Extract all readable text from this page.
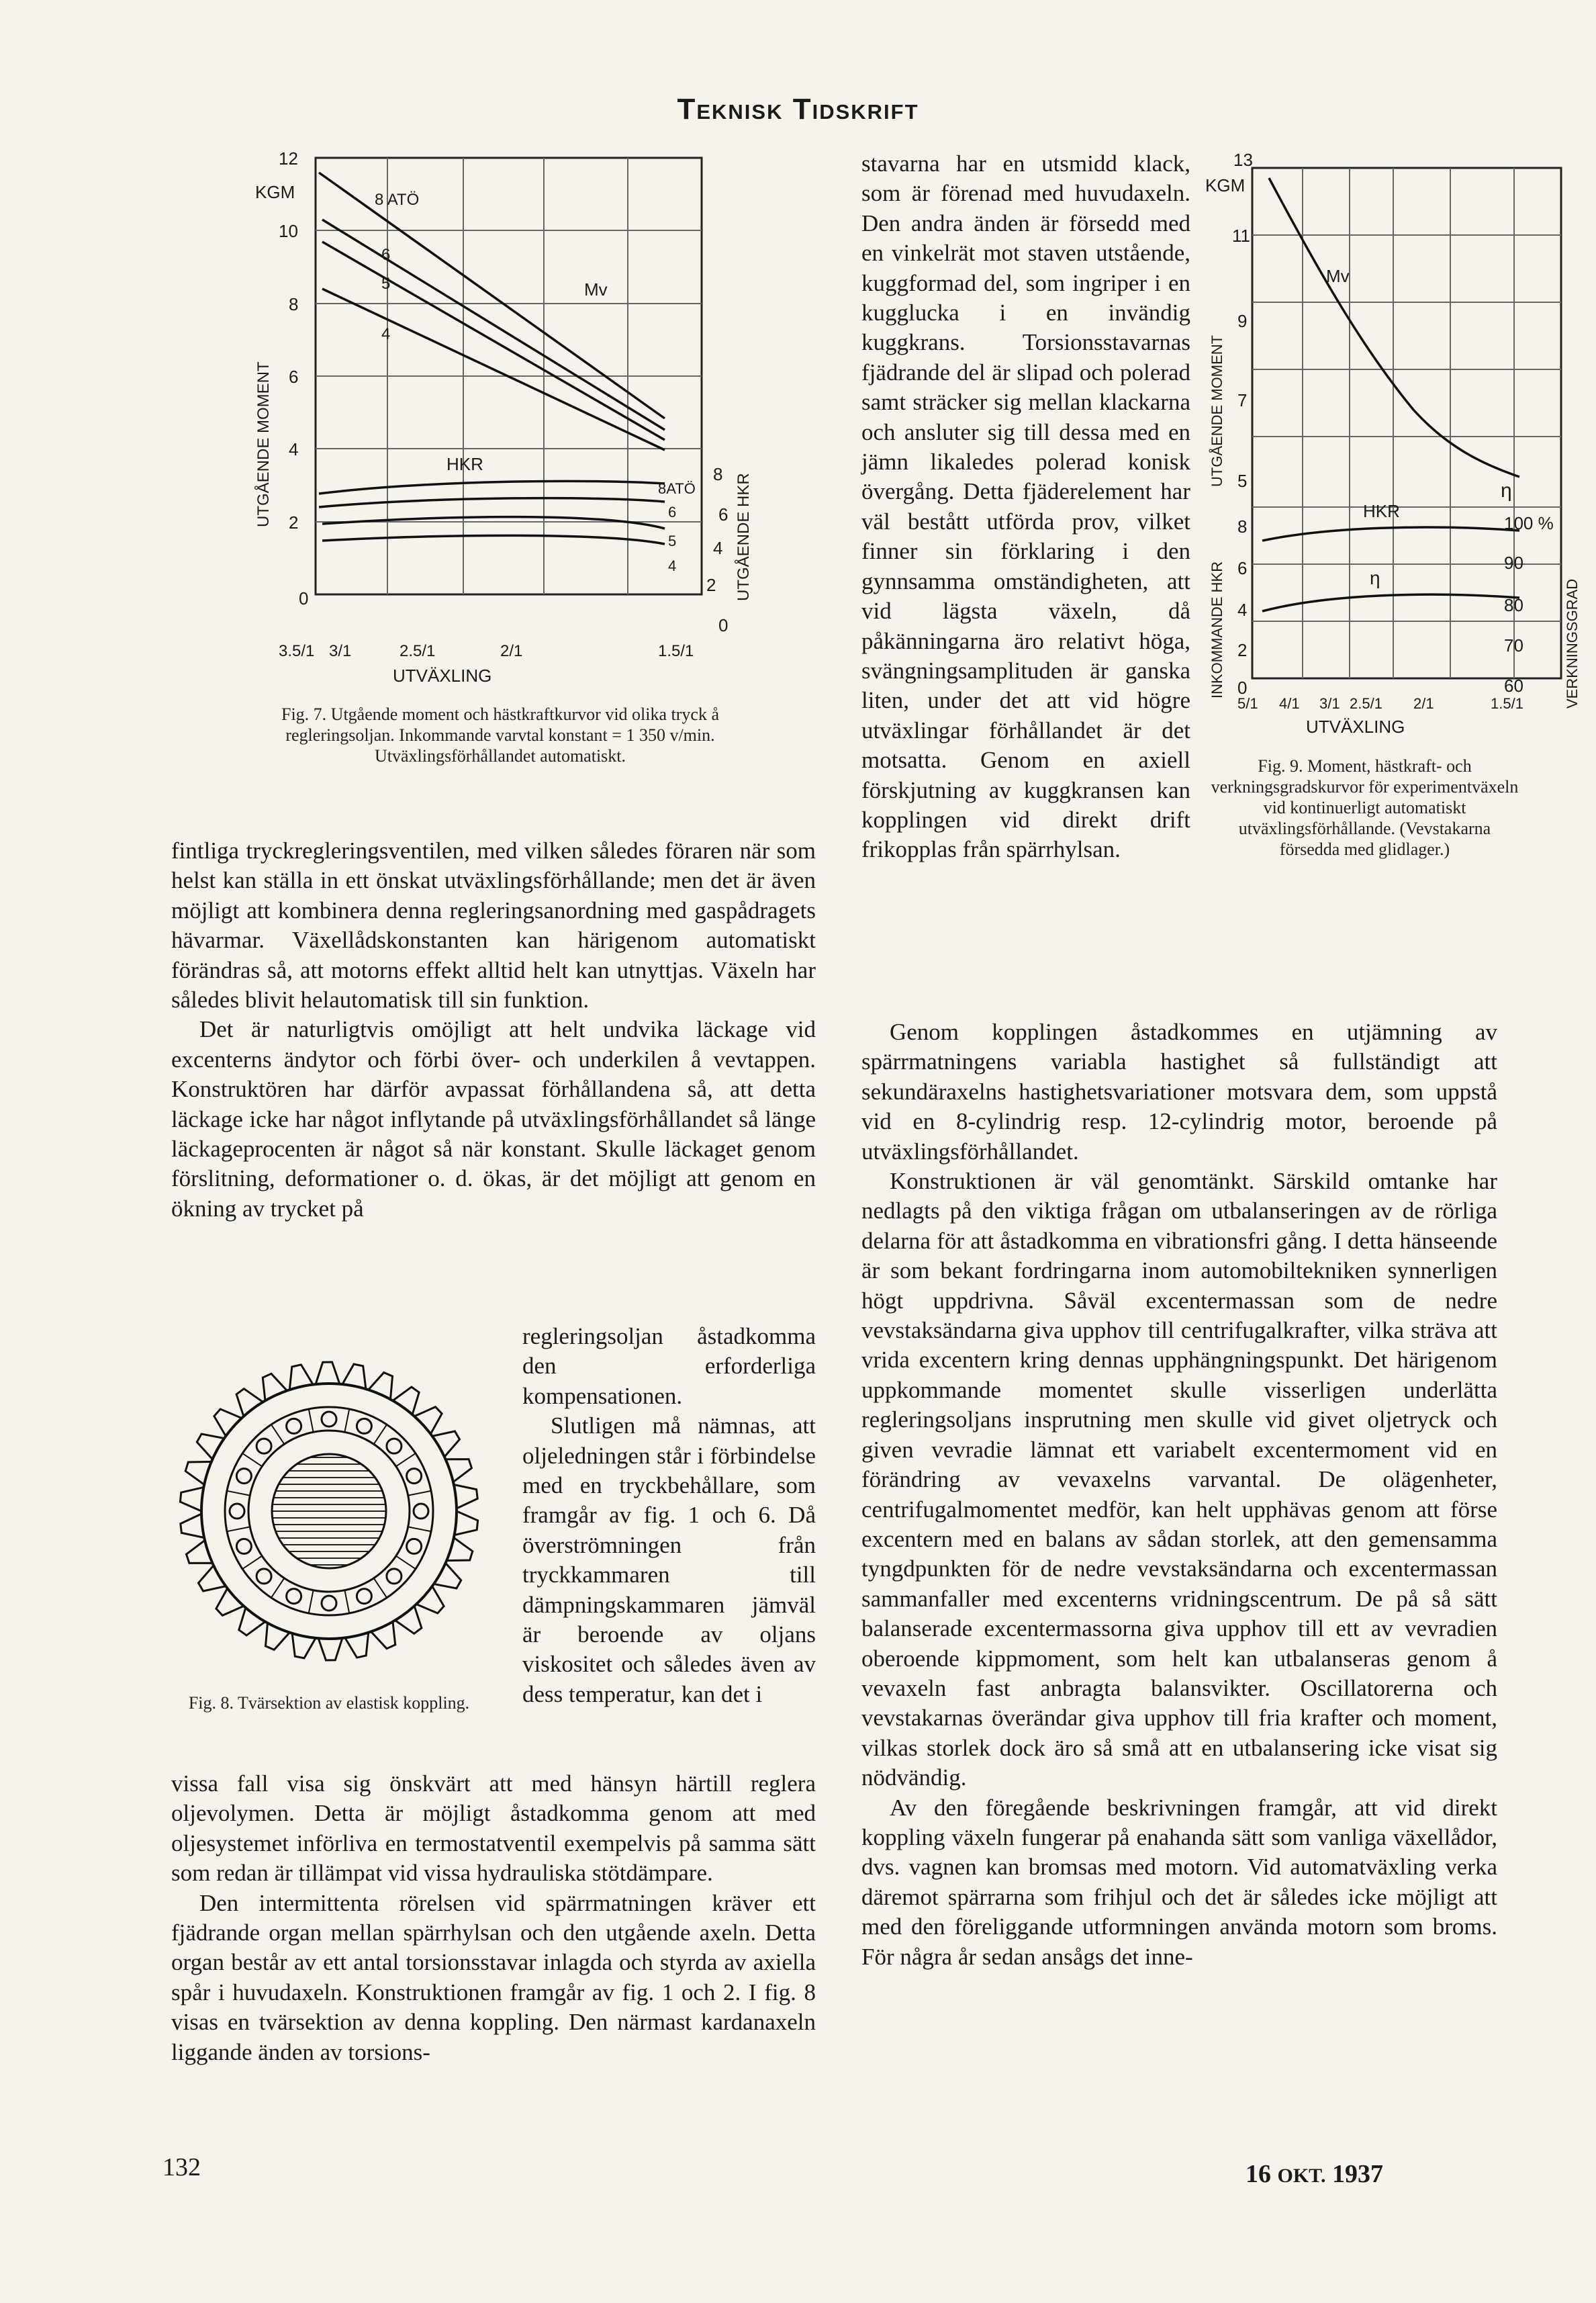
Teknisk Tidskrift
12
KGM
10
8
6
4
2
0
UTGÅENDE MOMENT
UTGÅENDE HKR
8
6
4
2
0
8 ATÖ
6
5
4
Mv
HKR
8ATÖ
6
5
4
3.5/1 3/1	2.5/1	2/1	1.5/1
UTVÄXLING
Fig. 7. Utgående moment och hästkraftkurvor vid olika tryck å regleringsoljan. Inkommande varvtal konstant = 1 350 v/min. Utväxlingsförhållandet automatiskt.
13
KGM
11
9
7
5
UTGÅENDE MOMENT
INKOMMANDE HKR
8
6
4
2
0
η
100 %
90
80
70
60	VERKNINGSGRAD
Mv
HKR
η
5/1 4/1 3/1 2.5/1 2/1	1.5/1
UTVÄXLING
Fig. 9. Moment, hästkraft- och verkningsgradskurvor för experimentväxeln vid kontinuerligt automatiskt utväxlingsförhållande. (Vevstakarna försedda med glidlager.)
Fig. 8. Tvärsektion av elastisk koppling.

stavarna har en utsmidd klack, som är förenad med huvudaxeln. Den andra änden är försedd med en vinkelrät mot staven utstående, kuggformad del, som ingriper i en kugglucka i en invändig kuggkrans. Torsionsstavarnas fjädrande del är slipad och polerad samt sträcker sig mellan klackarna och ansluter sig till dessa med en jämn likaledes polerad konisk övergång. Detta fjäderelement har väl bestått utförda prov, vilket finner sin förklaring i den gynnsamma omständigheten, att vid lägsta växeln, då påkänningarna äro relativt höga, svängningsamplituden är ganska liten, under det att vid högre utväxlingar förhållandet är det motsatta. Genom en axiell förskjutning av kuggkransen kan kopplingen vid direkt drift frikopplas från spärrhylsan.

fintliga tryckregleringsventilen, med vilken således föraren när som helst kan ställa in ett önskat utväxlingsförhållande; men det är även möjligt att kombinera denna regleringsanordning med gaspådragets hävarmar. Växellådskonstanten kan härigenom automatiskt förändras så, att motorns effekt alltid helt kan utnyttjas. Växeln har således blivit helautomatisk till sin funktion.

Det är naturligtvis omöjligt att helt undvika läckage vid excenterns ändytor och förbi över- och underkilen å vevtappen. Konstruktören har därför avpassat förhållandena så, att detta läckage icke har något inflytande på utväxlingsförhållandet så länge läckageprocenten är något så när konstant. Skulle läckaget genom förslitning, deformationer o. d. ökas, är det möjligt att genom en ökning av trycket på

regleringsoljan åstadkomma den erforderliga kompensationen.

Slutligen må nämnas, att oljeledningen står i förbindelse med en tryckbehållare, som framgår av fig. 1 och 6. Då överströmningen från tryckkammaren till dämpningskammaren jämväl är beroende av oljans viskositet och således även av dess temperatur, kan det i

vissa fall visa sig önskvärt att med hänsyn härtill reglera oljevolymen. Detta är möjligt åstadkomma genom att med oljesystemet införliva en termostatventil exempelvis på samma sätt som redan är tillämpat vid vissa hydrauliska stötdämpare.

Den intermittenta rörelsen vid spärrmatningen kräver ett fjädrande organ mellan spärrhylsan och den utgående axeln. Detta organ består av ett antal torsionsstavar inlagda och styrda av axiella spår i huvudaxeln. Konstruktionen framgår av fig. 1 och 2. I fig. 8 visas en tvärsektion av denna koppling. Den närmast kardanaxeln liggande änden av torsions-

Genom kopplingen åstadkommes en utjämning av spärrmatningens variabla hastighet så fullständigt att sekundäraxelns hastighetsvariationer motsvara dem, som uppstå vid en 8-cylindrig resp. 12-cylindrig motor, beroende på utväxlingsförhållandet.

Konstruktionen är väl genomtänkt. Särskild omtanke har nedlagts på den viktiga frågan om utbalanseringen av de rörliga delarna för att åstadkomma en vibrationsfri gång. I detta hänseende är som bekant fordringarna inom automobiltekniken synnerligen högt uppdrivna. Såväl excentermassan som de nedre vevstaksändarna giva upphov till centrifugalkrafter, vilka sträva att vrida excentern kring dennas upphängningspunkt. Det härigenom uppkommande momentet skulle visserligen underlätta regleringsoljans insprutning men skulle vid givet oljetryck och given vevradie lämnat ett variabelt excentermoment vid en förändring av vevaxelns varvantal. De olägenheter, centrifugalmomentet medför, kan helt upphävas genom att förse excentern med en balans av sådan storlek, att den gemensamma tyngdpunkten för de nedre vevstaksändarna och excentermassan sammanfaller med excenterns vridningscentrum. De på så sätt balanserade excentermassorna giva upphov till ett av vevradien oberoende kippmoment, som helt kan utbalanseras genom å vevaxeln fast anbragta balansvikter. Oscillatorerna och vevstakarnas överändar giva upphov till fria krafter och moment, vilkas storlek dock äro så små att en utbalansering icke visat sig nödvändig.

Av den föregående beskrivningen framgår, att vid direkt koppling växeln fungerar på enahanda sätt som vanliga växellådor, dvs. vagnen kan bromsas med motorn. Vid automatväxling verka däremot spärrarna som frihjul och det är således icke möjligt att med den föreliggande utformningen använda motorn som broms. För några år sedan ansågs det inne-

132	16 OKT. 1937
